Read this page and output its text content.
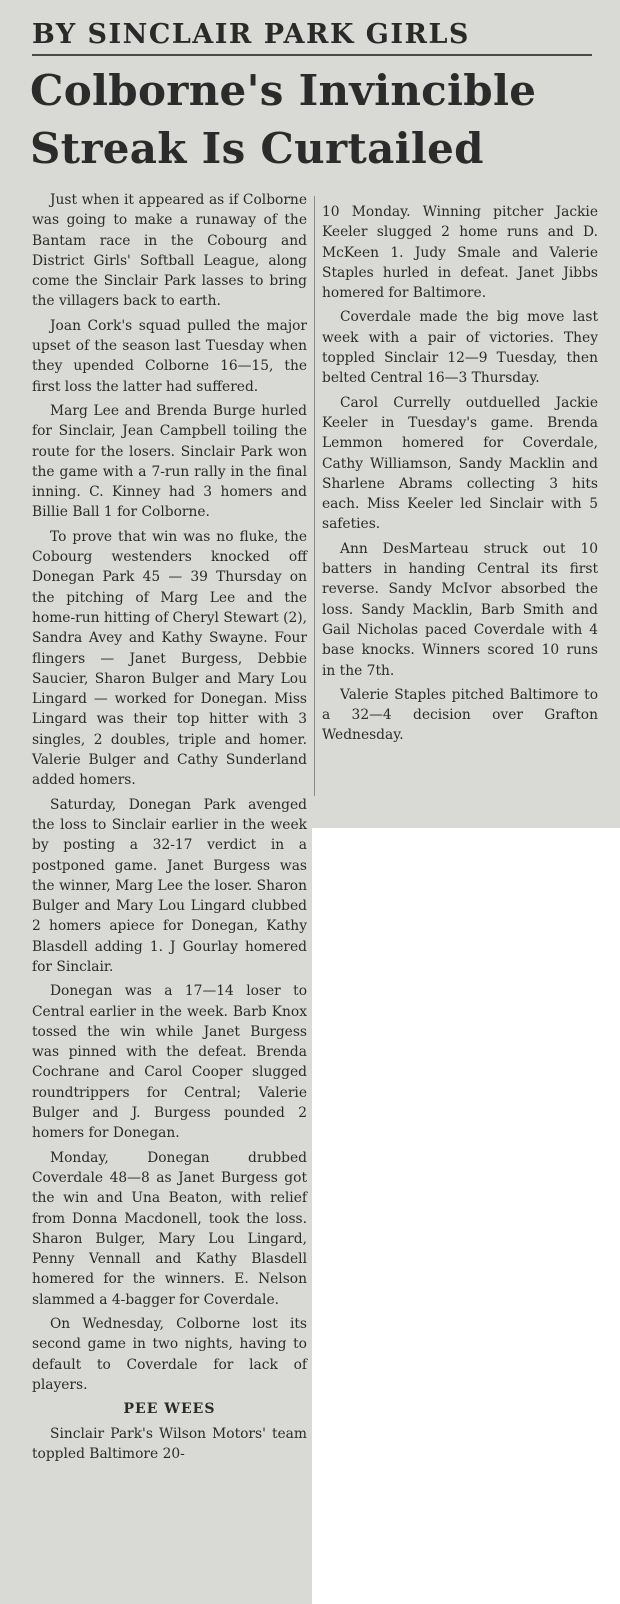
BY SINCLAIR PARK GIRLS
Colborne's Invincible Streak Is Curtailed

Just when it appeared as if Colborne was going to make a runaway of the Bantam race in the Cobourg and District Girls' Softball League, along come the Sinclair Park lasses to bring the villagers back to earth.

Joan Cork's squad pulled the major upset of the season last Tuesday when they upended Colborne 16—15, the first loss the latter had suffered.

Marg Lee and Brenda Burge hurled for Sinclair, Jean Campbell toiling the route for the losers. Sinclair Park won the game with a 7-run rally in the final inning. C. Kinney had 3 homers and Billie Ball 1 for Colborne.

To prove that win was no fluke, the Cobourg westenders knocked off Donegan Park 45 — 39 Thursday on the pitching of Marg Lee and the home-run hitting of Cheryl Stewart (2), Sandra Avey and Kathy Swayne. Four flingers — Janet Burgess, Debbie Saucier, Sharon Bulger and Mary Lou Lingard — worked for Donegan. Miss Lingard was their top hitter with 3 singles, 2 doubles, triple and homer. Valerie Bulger and Cathy Sunderland added homers.

Saturday, Donegan Park avenged the loss to Sinclair earlier in the week by posting a 32-17 verdict in a postponed game. Janet Burgess was the winner, Marg Lee the loser. Sharon Bulger and Mary Lou Lingard clubbed 2 homers apiece for Donegan, Kathy Blasdell adding 1. J Gourlay homered for Sinclair.

Donegan was a 17—14 loser to Central earlier in the week. Barb Knox tossed the win while Janet Burgess was pinned with the defeat. Brenda Cochrane and Carol Cooper slugged roundtrippers for Central; Valerie Bulger and J. Burgess pounded 2 homers for Donegan.

Monday, Donegan drubbed Coverdale 48—8 as Janet Burgess got the win and Una Beaton, with relief from Donna Macdonell, took the loss. Sharon Bulger, Mary Lou Lingard, Penny Vennall and Kathy Blasdell homered for the winners. E. Nelson slammed a 4-bagger for Coverdale.

On Wednesday, Colborne lost its second game in two nights, having to default to Coverdale for lack of players.

PEE WEES

Sinclair Park's Wilson Motors' team toppled Baltimore 20-

10 Monday. Winning pitcher Jackie Keeler slugged 2 home runs and D. McKeen 1. Judy Smale and Valerie Staples hurled in defeat. Janet Jibbs homered for Baltimore.

Coverdale made the big move last week with a pair of victories. They toppled Sinclair 12—9 Tuesday, then belted Central 16—3 Thursday.

Carol Currelly outduelled Jackie Keeler in Tuesday's game. Brenda Lemmon homered for Coverdale, Cathy Williamson, Sandy Macklin and Sharlene Abrams collecting 3 hits each. Miss Keeler led Sinclair with 5 safeties.

Ann DesMarteau struck out 10 batters in handing Central its first reverse. Sandy McIvor absorbed the loss. Sandy Macklin, Barb Smith and Gail Nicholas paced Coverdale with 4 base knocks. Winners scored 10 runs in the 7th.

Valerie Staples pitched Baltimore to a 32—4 decision over Grafton Wednesday.
